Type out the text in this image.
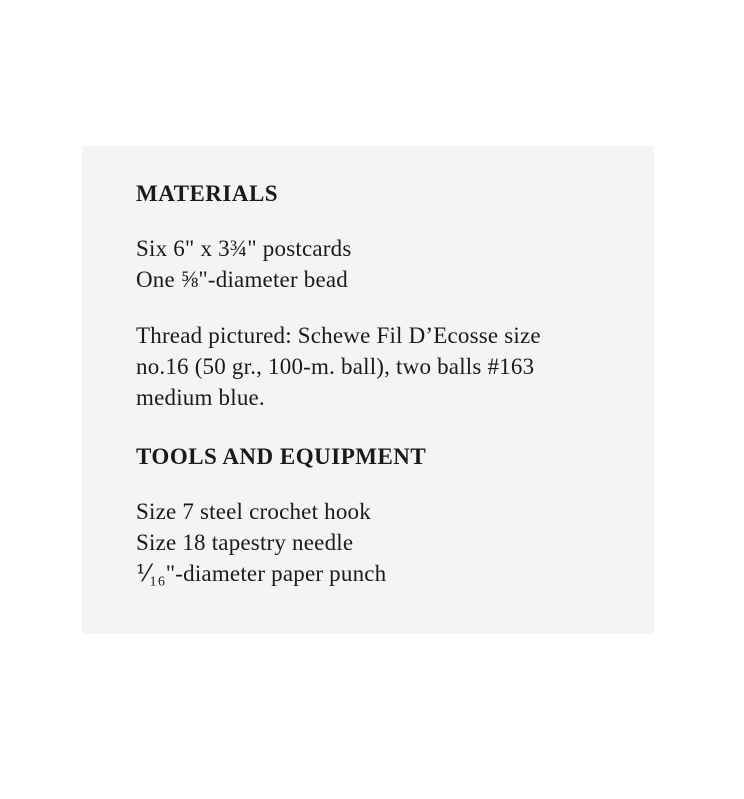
MATERIALS

Six 6" x 3¾" postcards

One ⅝"-diameter bead

Thread pictured: Schewe Fil D’Ecosse size

no.16 (50 gr., 100-m. ball), two balls #163

medium blue.

TOOLS AND EQUIPMENT

Size 7 steel crochet hook

Size 18 tapestry needle

⅟₁₆"-diameter paper punch
